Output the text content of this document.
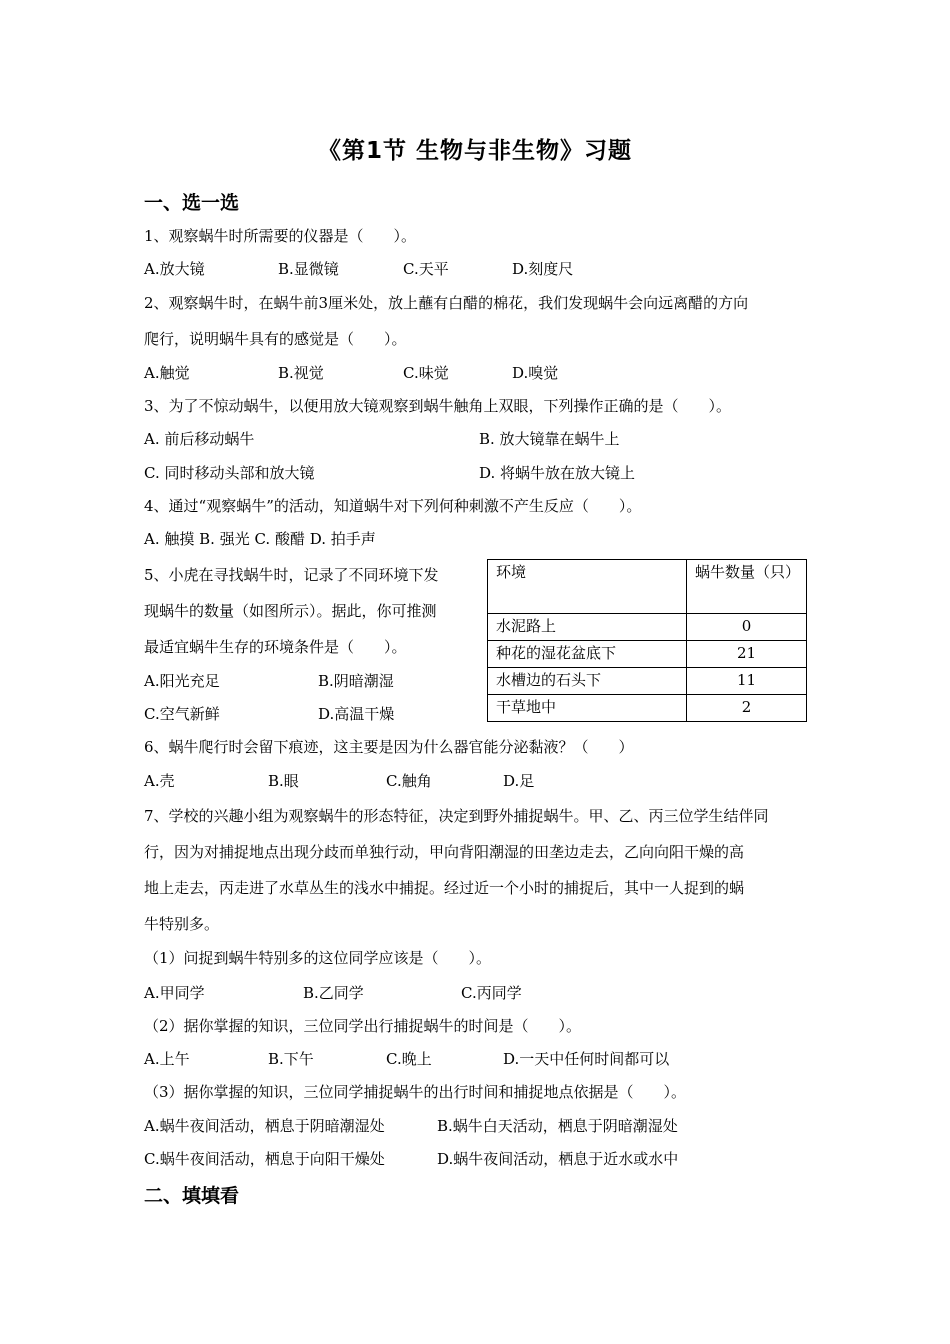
《第1节 生物与非生物》习题
一、选一选
1、观察蜗牛时所需要的仪器是（　　）。
A.放大镜	B.显微镜	C.天平	D.刻度尺
2、观察蜗牛时，在蜗牛前3厘米处，放上蘸有白醋的棉花，我们发现蜗牛会向远离醋的方向
爬行，说明蜗牛具有的感觉是（　　）。
A.触觉	B.视觉	C.味觉	D.嗅觉
3、为了不惊动蜗牛，以便用放大镜观察到蜗牛触角上双眼，下列操作正确的是（　　）。
A. 前后移动蜗牛	B. 放大镜靠在蜗牛上
C. 同时移动头部和放大镜	D. 将蜗牛放在放大镜上
4、通过“观察蜗牛”的活动，知道蜗牛对下列何种刺激不产生反应（　　）。
A. 触摸 B. 强光 C. 酸醋 D. 拍手声
5、小虎在寻找蜗牛时，记录了不同环境下发
现蜗牛的数量（如图所示）。据此，你可推测
最适宜蜗牛生存的环境条件是（　　）。
A.阳光充足	B.阴暗潮湿
C.空气新鲜	D.高温干燥
环境	蜗牛数量（只）
水泥路上	0
种花的湿花盆底下	21
水槽边的石头下	11
干草地中	2
6、蜗牛爬行时会留下痕迹，这主要是因为什么器官能分泌黏液？（　　）
A.壳	B.眼	C.触角	D.足
7、学校的兴趣小组为观察蜗牛的形态特征，决定到野外捕捉蜗牛。甲、乙、丙三位学生结伴同
行，因为对捕捉地点出现分歧而单独行动，甲向背阳潮湿的田垄边走去，乙向向阳干燥的高
地上走去，丙走进了水草丛生的浅水中捕捉。经过近一个小时的捕捉后，其中一人捉到的蜗
牛特别多。
（1）问捉到蜗牛特别多的这位同学应该是（　　）。
A.甲同学	B.乙同学	C.丙同学
（2）据你掌握的知识，三位同学出行捕捉蜗牛的时间是（　　）。
A.上午	B.下午	C.晚上	D.一天中任何时间都可以
（3）据你掌握的知识，三位同学捕捉蜗牛的出行时间和捕捉地点依据是（　　）。
A.蜗牛夜间活动，栖息于阴暗潮湿处	B.蜗牛白天活动，栖息于阴暗潮湿处
C.蜗牛夜间活动，栖息于向阳干燥处	D.蜗牛夜间活动，栖息于近水或水中
二、填填看
